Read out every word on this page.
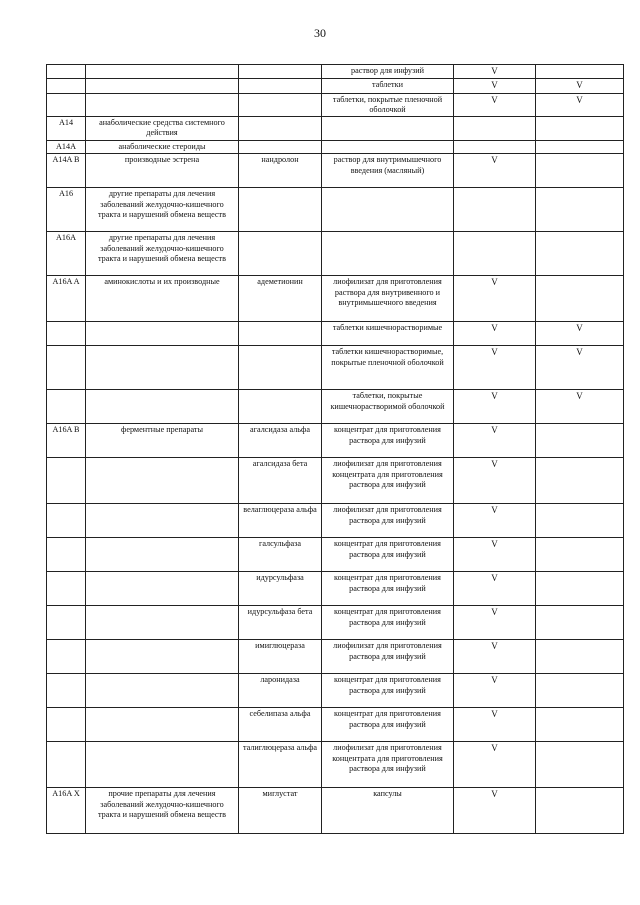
30
			раствор для инфузий	V	
			таблетки	V	V
			таблетки, покрытые пленочной оболочкой	V	V
A14	анаболические средства системного действия				
A14A	анаболические стероиды				
A14A B	производные эстрена	нандролон	раствор для внутримышечного введения (масляный)	V	
A16	другие препараты для лечения заболеваний желудочно-кишечного тракта и нарушений обмена веществ				
A16A	другие препараты для лечения заболеваний желудочно-кишечного тракта и нарушений обмена веществ				
A16A A	аминокислоты и их производные	адеметионин	лиофилизат для приготовления раствора для внутривенного и внутримышечного введения	V	
			таблетки кишечнорастворимые	V	V
			таблетки кишечнорастворимые, покрытые пленочной оболочкой	V	V
			таблетки, покрытые кишечнорастворимой оболочкой	V	V
A16A B	ферментные препараты	агалсидаза альфа	концентрат для приготовления раствора для инфузий	V	
		агалсидаза бета	лиофилизат для приготовления концентрата для приготовления раствора для инфузий	V	
		велаглюцераза альфа	лиофилизат для приготовления раствора для инфузий	V	
		галсульфаза	концентрат для приготовления раствора для инфузий	V	
		идурсульфаза	концентрат для приготовления раствора для инфузий	V	
		идурсульфаза бета	концентрат для приготовления раствора для инфузий	V	
		имиглюцераза	лиофилизат для приготовления раствора для инфузий	V	
		ларонидаза	концентрат для приготовления раствора для инфузий	V	
		себелипаза альфа	концентрат для приготовления раствора для инфузий	V	
		талиглюцераза альфа	лиофилизат для приготовления концентрата для приготовления раствора для инфузий	V	
A16A X	прочие препараты для лечения заболеваний желудочно-кишечного тракта и нарушений обмена веществ	миглустат	капсулы	V	
